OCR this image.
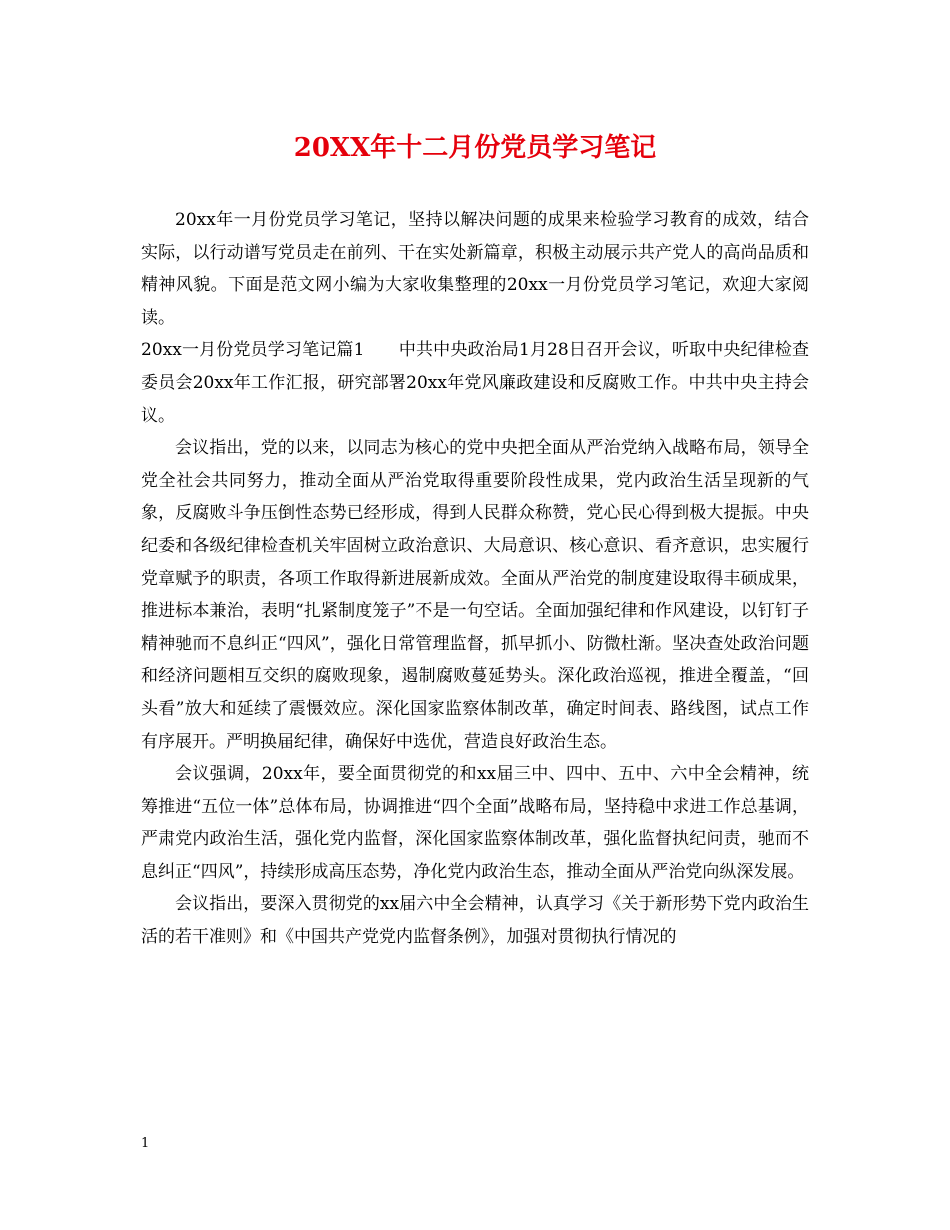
20XX年十二月份党员学习笔记

20xx年一月份党员学习笔记，坚持以解决问题的成果来检验学习教育的成效，结合实际，以行动谱写党员走在前列、干在实处新篇章，积极主动展示共产党人的高尚品质和精神风貌。下面是范文网小编为大家收集整理的20xx一月份党员学习笔记，欢迎大家阅读。

20xx一月份党员学习笔记篇1　　中共中央政治局1月28日召开会议，听取中央纪律检查委员会20xx年工作汇报，研究部署20xx年党风廉政建设和反腐败工作。中共中央主持会议。

会议指出，党的以来，以同志为核心的党中央把全面从严治党纳入战略布局，领导全党全社会共同努力，推动全面从严治党取得重要阶段性成果，党内政治生活呈现新的气象，反腐败斗争压倒性态势已经形成，得到人民群众称赞，党心民心得到极大提振。中央纪委和各级纪律检查机关牢固树立政治意识、大局意识、核心意识、看齐意识，忠实履行党章赋予的职责，各项工作取得新进展新成效。全面从严治党的制度建设取得丰硕成果，推进标本兼治，表明“扎紧制度笼子”不是一句空话。全面加强纪律和作风建设，以钉钉子精神驰而不息纠正“四风”，强化日常管理监督，抓早抓小、防微杜渐。坚决查处政治问题和经济问题相互交织的腐败现象，遏制腐败蔓延势头。深化政治巡视，推进全覆盖，“回头看”放大和延续了震慑效应。深化国家监察体制改革，确定时间表、路线图，试点工作有序展开。严明换届纪律，确保好中选优，营造良好政治生态。

会议强调，20xx年，要全面贯彻党的和xx届三中、四中、五中、六中全会精神，统筹推进“五位一体”总体布局，协调推进“四个全面”战略布局，坚持稳中求进工作总基调，严肃党内政治生活，强化党内监督，深化国家监察体制改革，强化监督执纪问责，驰而不息纠正“四风”，持续形成高压态势，净化党内政治生态，推动全面从严治党向纵深发展。

会议指出，要深入贯彻党的xx届六中全会精神，认真学习《关于新形势下党内政治生活的若干准则》和《中国共产党党内监督条例》，加强对贯彻执行情况的

1
